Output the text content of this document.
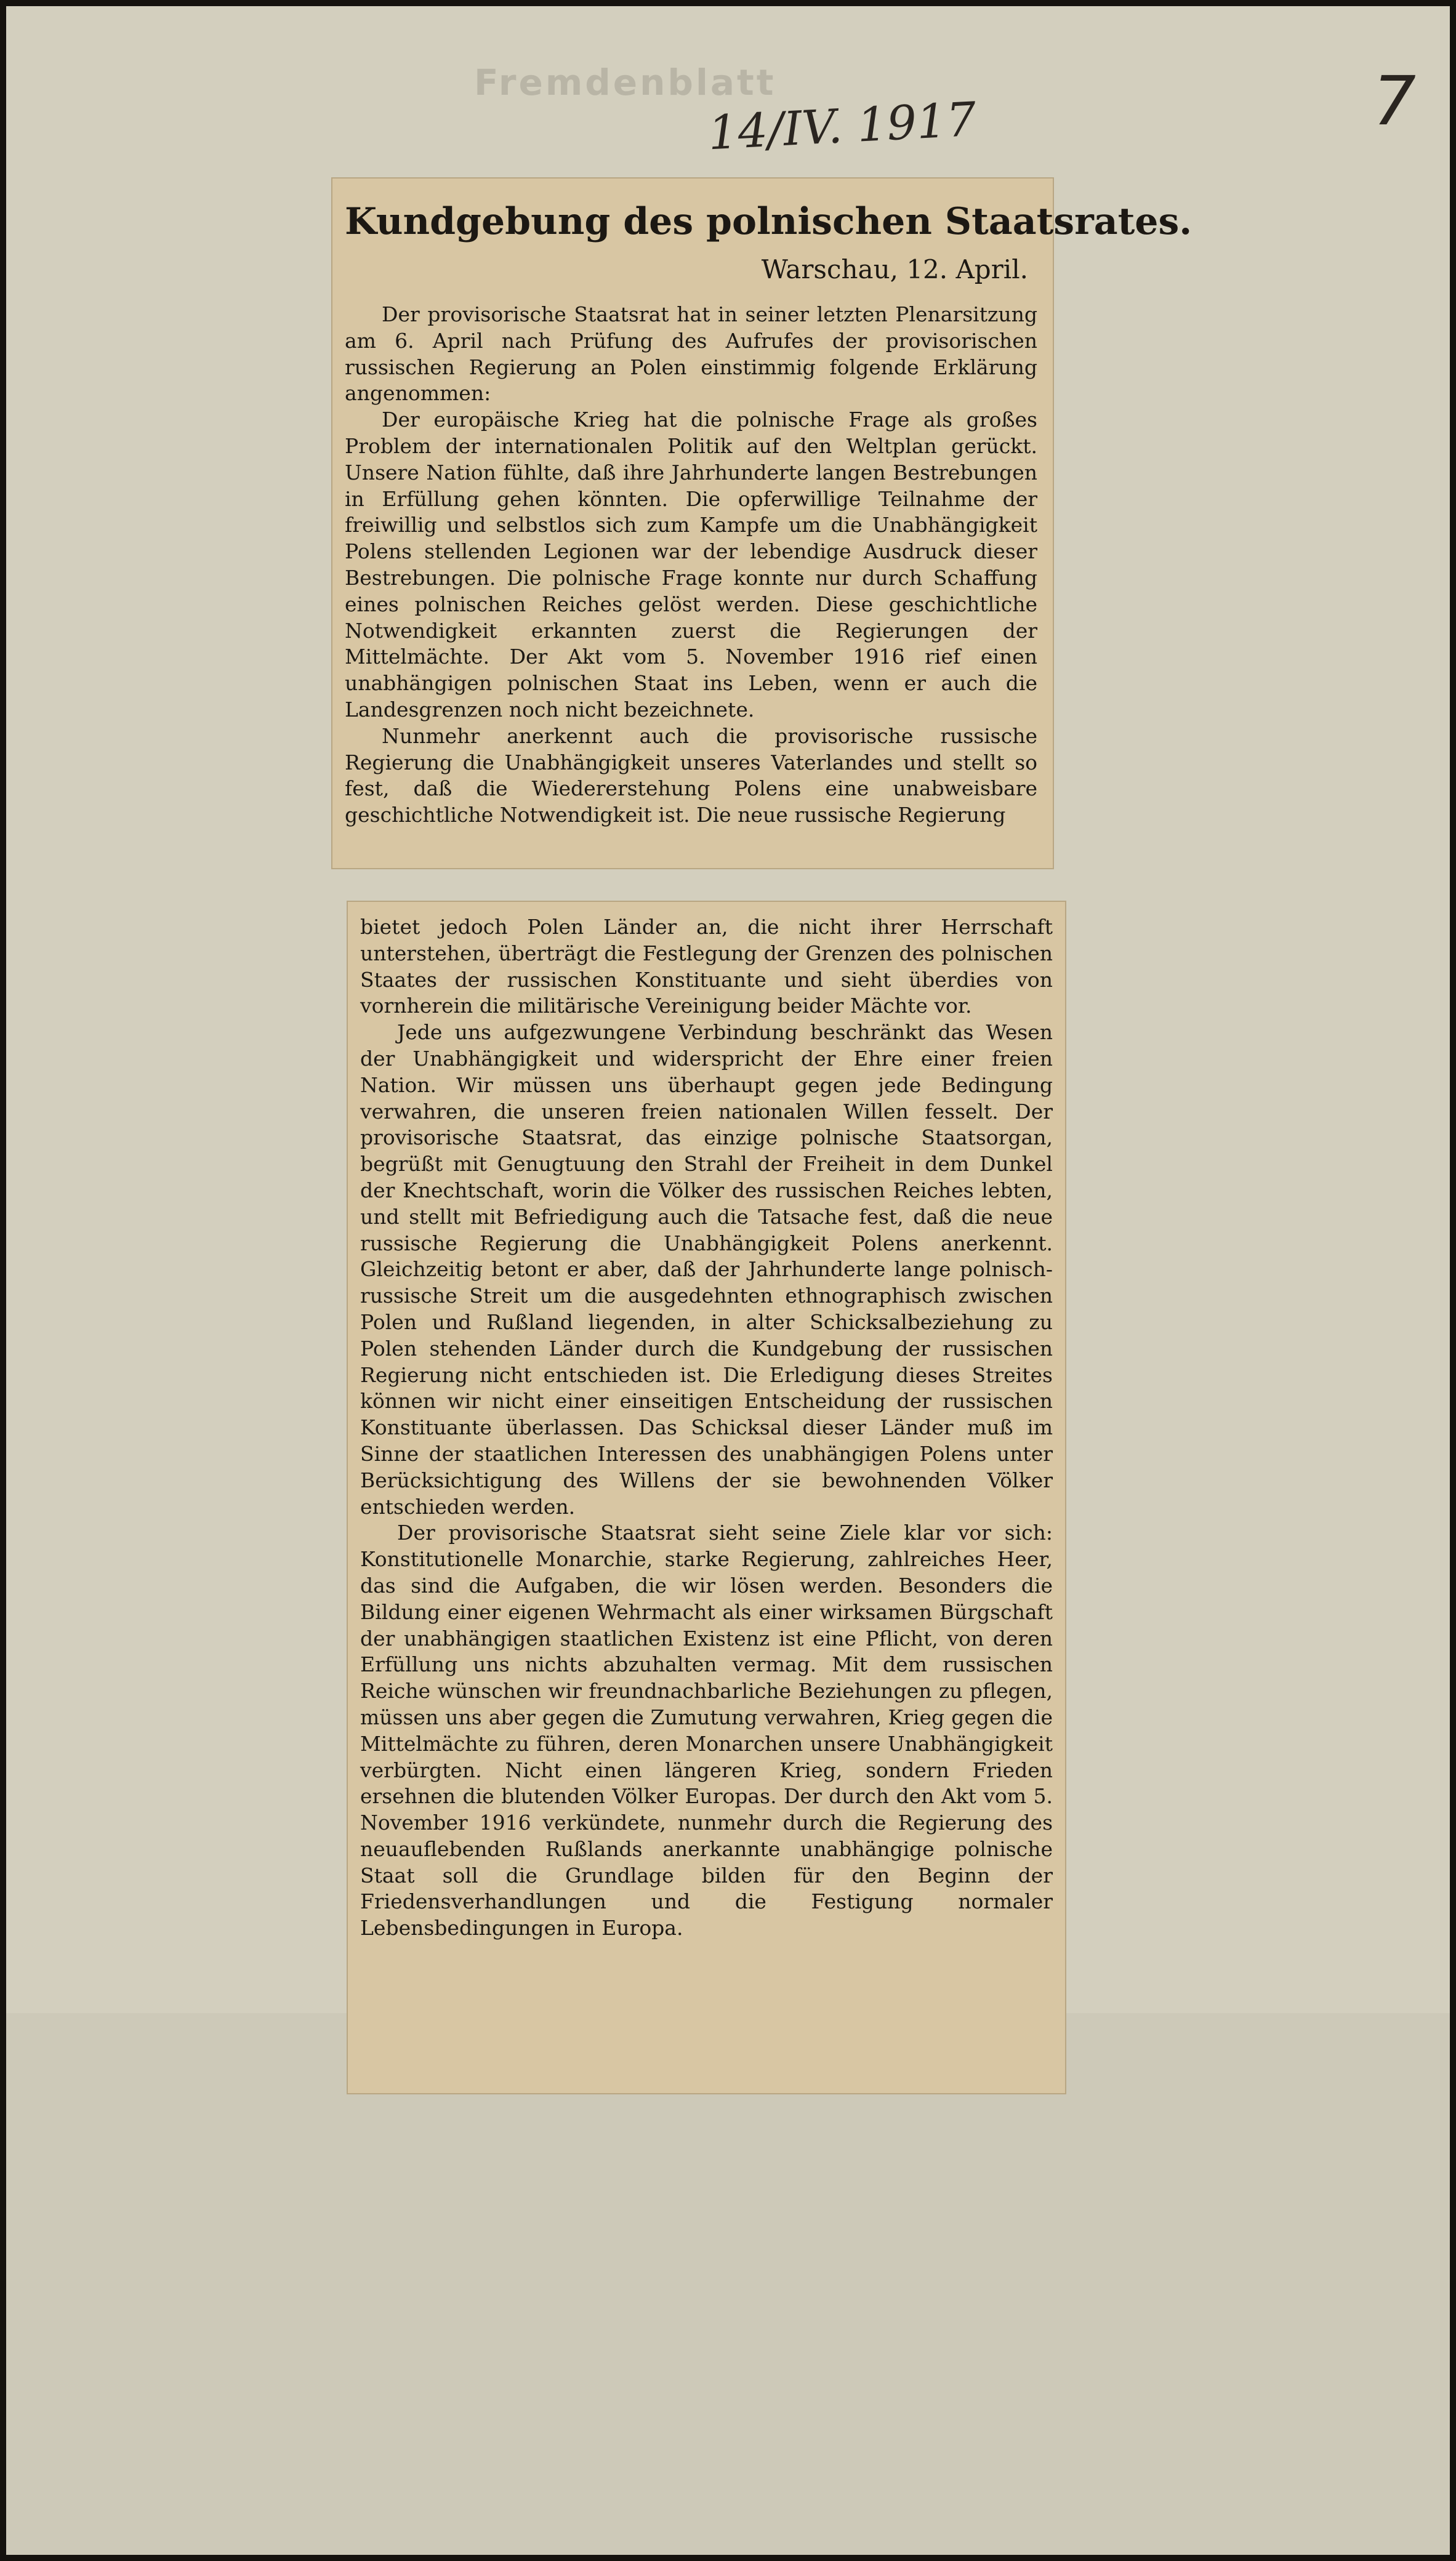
Fremdenblatt
14/IV. 1917	7
Kundgebung des polnischen Staatsrates.
Warschau, 12. April.

Der provisorische Staatsrat hat in seiner letzten Plenarsitzung am 6. April nach Prüfung des Aufrufes der provisorischen russischen Regierung an Polen einstimmig folgende Erklärung angenommen:

Der europäische Krieg hat die polnische Frage als großes Problem der internationalen Politik auf den Weltplan gerückt. Unsere Nation fühlte, daß ihre Jahrhunderte langen Bestrebungen in Erfüllung gehen könnten. Die opferwillige Teilnahme der freiwillig und selbstlos sich zum Kampfe um die Unabhängigkeit Polens stellenden Legionen war der lebendige Ausdruck dieser Bestrebungen. Die polnische Frage konnte nur durch Schaffung eines polnischen Reiches gelöst werden. Diese geschichtliche Notwendigkeit erkannten zuerst die Regierungen der Mittelmächte. Der Akt vom 5. November 1916 rief einen unabhängigen polnischen Staat ins Leben, wenn er auch die Landesgrenzen noch nicht bezeichnete.

Nunmehr anerkennt auch die provisorische russische Regierung die Unabhängigkeit unseres Vaterlandes und stellt so fest, daß die Wiedererstehung Polens eine unabweisbare geschichtliche Notwendigkeit ist. Die neue russische Regierung

bietet jedoch Polen Länder an, die nicht ihrer Herrschaft unterstehen, überträgt die Festlegung der Grenzen des polnischen Staates der russischen Konstituante und sieht überdies von vornherein die militärische Vereinigung beider Mächte vor.

Jede uns aufgezwungene Verbindung beschränkt das Wesen der Unabhängigkeit und widerspricht der Ehre einer freien Nation. Wir müssen uns überhaupt gegen jede Bedingung verwahren, die unseren freien nationalen Willen fesselt. Der provisorische Staatsrat, das einzige polnische Staatsorgan, begrüßt mit Genugtuung den Strahl der Freiheit in dem Dunkel der Knechtschaft, worin die Völker des russischen Reiches lebten, und stellt mit Befriedigung auch die Tatsache fest, daß die neue russische Regierung die Unabhängigkeit Polens anerkennt. Gleichzeitig betont er aber, daß der Jahrhunderte lange polnisch-russische Streit um die ausgedehnten ethnographisch zwischen Polen und Rußland liegenden, in alter Schicksalbeziehung zu Polen stehenden Länder durch die Kundgebung der russischen Regierung nicht entschieden ist. Die Erledigung dieses Streites können wir nicht einer einseitigen Entscheidung der russischen Konstituante überlassen. Das Schicksal dieser Länder muß im Sinne der staatlichen Interessen des unabhängigen Polens unter Berücksichtigung des Willens der sie bewohnenden Völker entschieden werden.

Der provisorische Staatsrat sieht seine Ziele klar vor sich: Konstitutionelle Monarchie, starke Regierung, zahlreiches Heer, das sind die Aufgaben, die wir lösen werden. Besonders die Bildung einer eigenen Wehrmacht als einer wirksamen Bürgschaft der unabhängigen staatlichen Existenz ist eine Pflicht, von deren Erfüllung uns nichts abzuhalten vermag. Mit dem russischen Reiche wünschen wir freundnachbarliche Beziehungen zu pflegen, müssen uns aber gegen die Zumutung verwahren, Krieg gegen die Mittelmächte zu führen, deren Monarchen unsere Unabhängigkeit verbürgten. Nicht einen längeren Krieg, sondern Frieden ersehnen die blutenden Völker Europas. Der durch den Akt vom 5. November 1916 verkündete, nunmehr durch die Regierung des neuauflebenden Rußlands anerkannte unabhängige polnische Staat soll die Grundlage bilden für den Beginn der Friedensverhandlungen und die Festigung normaler Lebensbedingungen in Europa.
